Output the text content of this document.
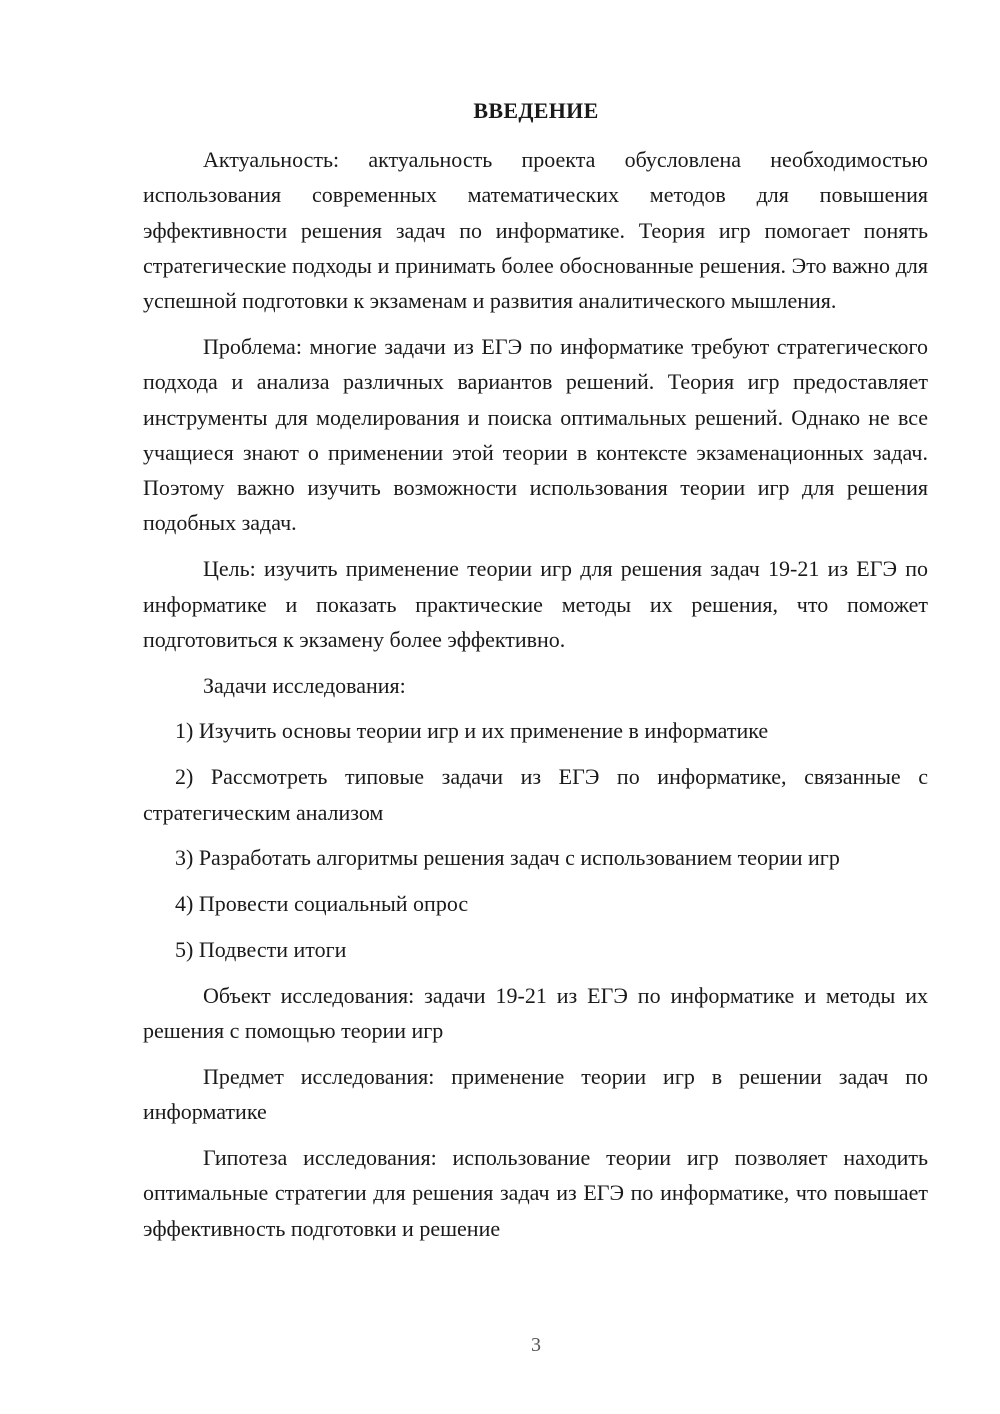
ВВЕДЕНИЕ

Актуальность: актуальность проекта обусловлена необходимостью использования современных математических методов для повышения эффективности решения задач по информатике. Теория игр помогает понять стратегические подходы и принимать более обоснованные решения. Это важно для успешной подготовки к экзаменам и развития аналитического мышления.

Проблема: многие задачи из ЕГЭ по информатике требуют стратегического подхода и анализа различных вариантов решений. Теория игр предоставляет инструменты для моделирования и поиска оптимальных решений. Однако не все учащиеся знают о применении этой теории в контексте экзаменационных задач. Поэтому важно изучить возможности использования теории игр для решения подобных задач.

Цель: изучить применение теории игр для решения задач 19-21 из ЕГЭ по информатике и показать практические методы их решения, что поможет подготовиться к экзамену более эффективно.

Задачи исследования:

1) Изучить основы теории игр и их применение в информатике

2) Рассмотреть типовые задачи из ЕГЭ по информатике, связанные с стратегическим анализом

3) Разработать алгоритмы решения задач с использованием теории игр

4) Провести социальный опрос

5) Подвести итоги

Объект исследования: задачи 19-21 из ЕГЭ по информатике и методы их решения с помощью теории игр

Предмет исследования: применение теории игр в решении задач по информатике

Гипотеза исследования: использование теории игр позволяет находить оптимальные стратегии для решения задач из ЕГЭ по информатике, что повышает эффективность подготовки и решение

3
